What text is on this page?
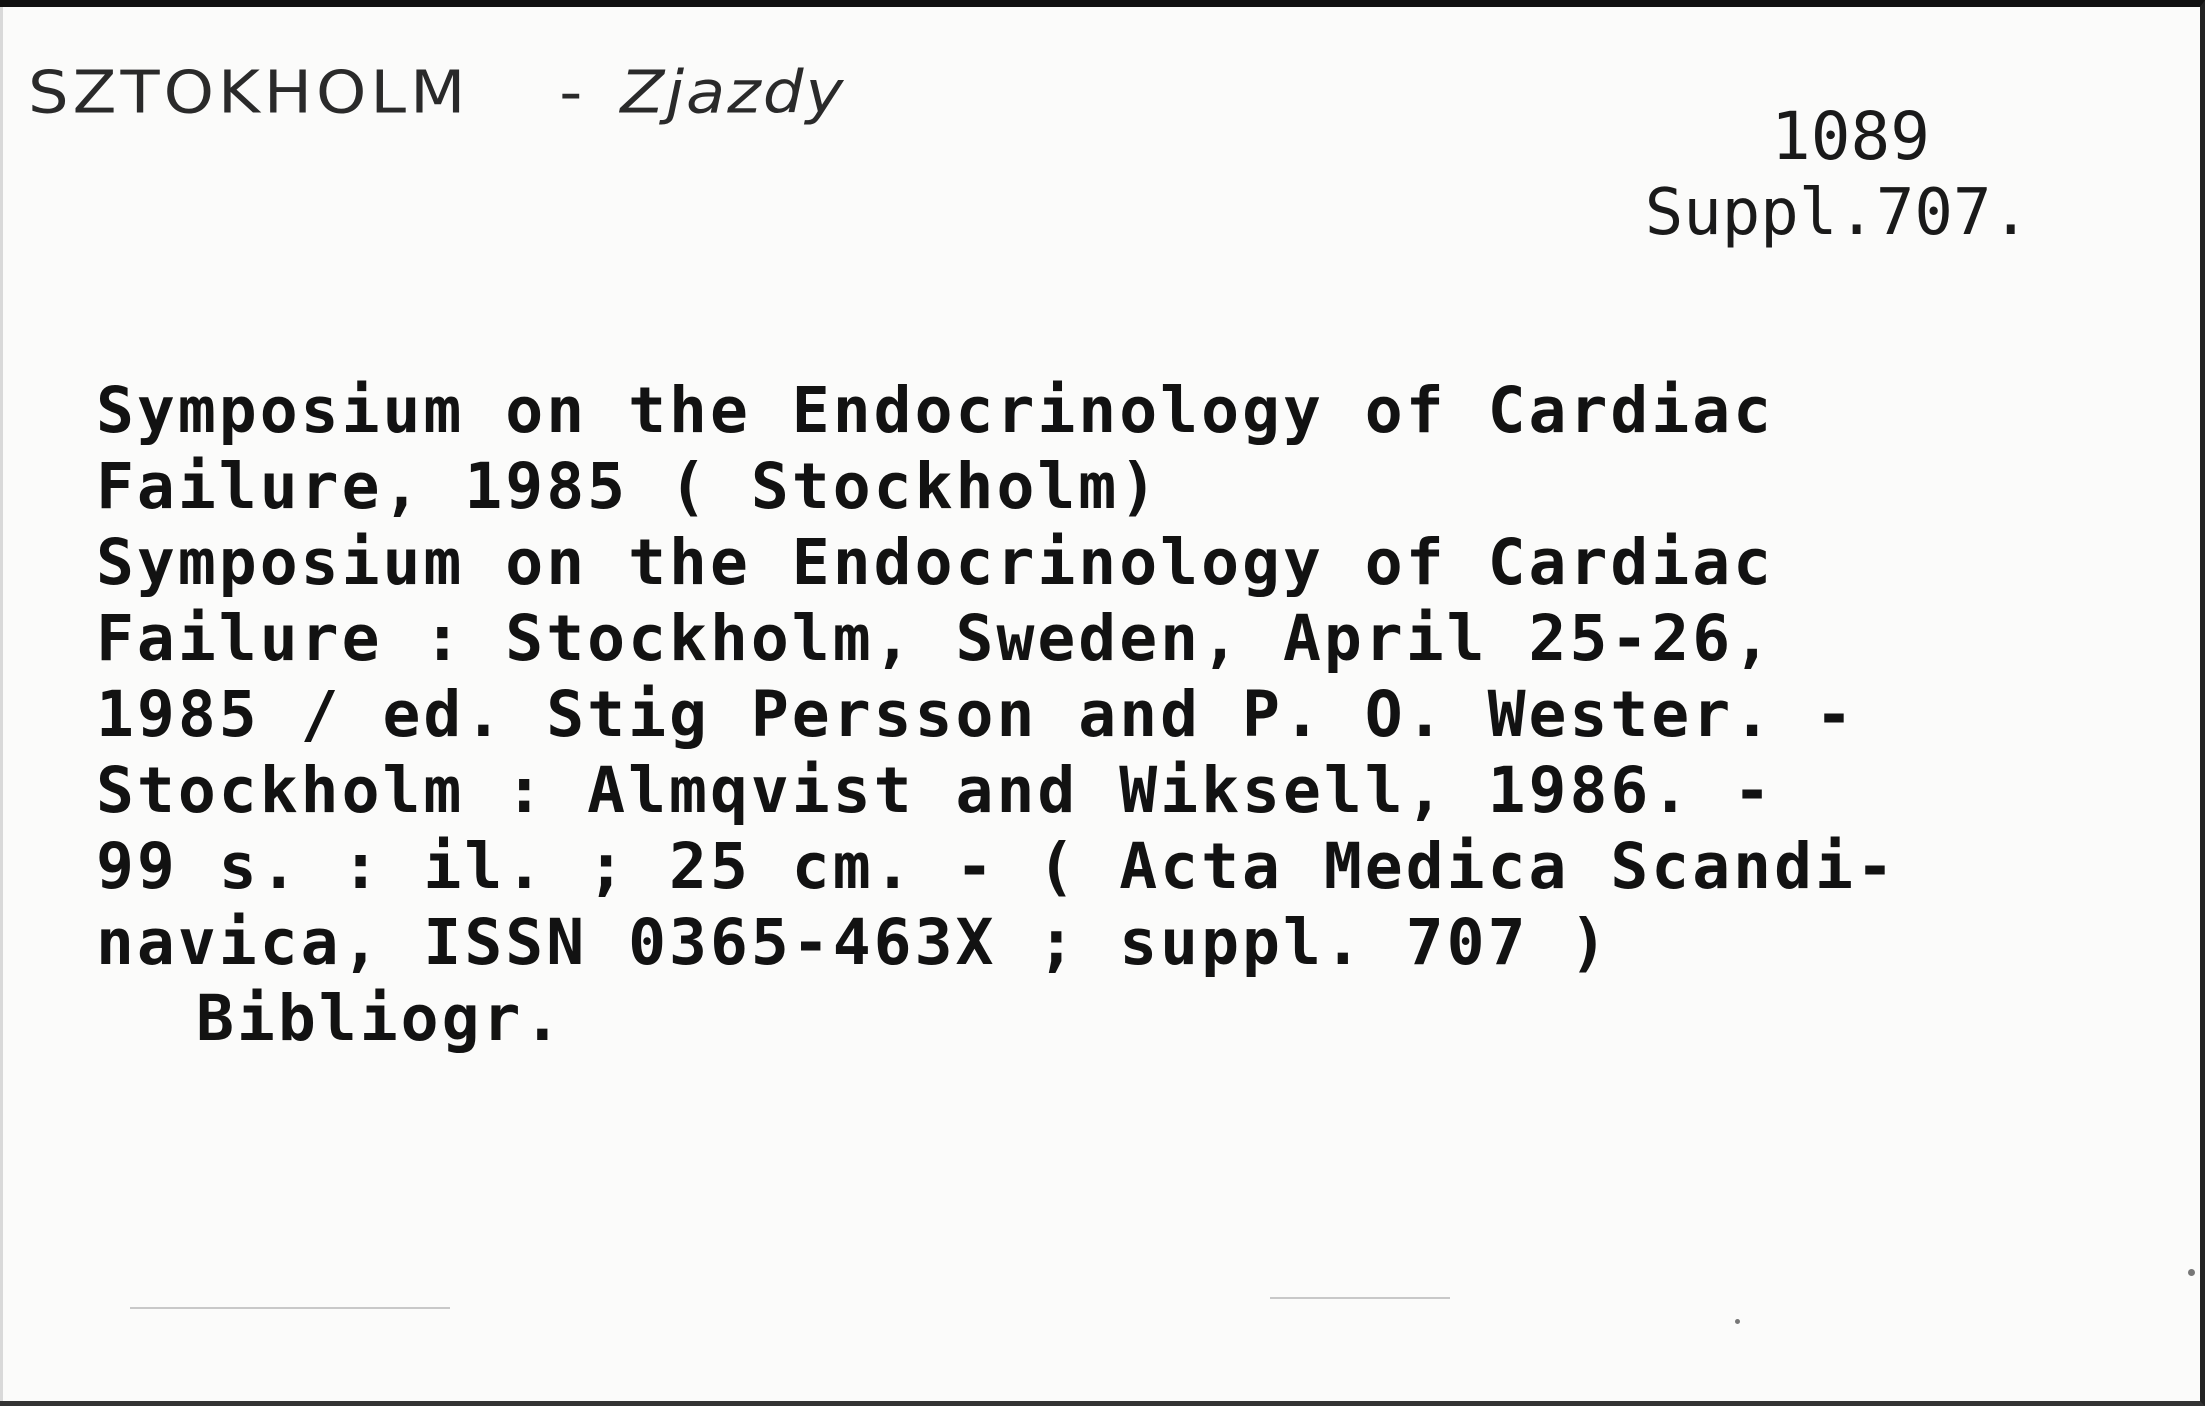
SZTOKHOLM - Zjazdy
1089
Suppl.707.
Symposium on the Endocrinology of Cardiac
Failure, 1985 ( Stockholm)
Symposium on the Endocrinology of Cardiac
Failure : Stockholm, Sweden, April 25-26,
1985 / ed. Stig Persson and P. O. Wester. -
Stockholm : Almqvist and Wiksell, 1986. -
99 s. : il. ; 25 cm. - ( Acta Medica Scandi-
navica, ISSN 0365-463X ; suppl. 707 )
Bibliogr.
